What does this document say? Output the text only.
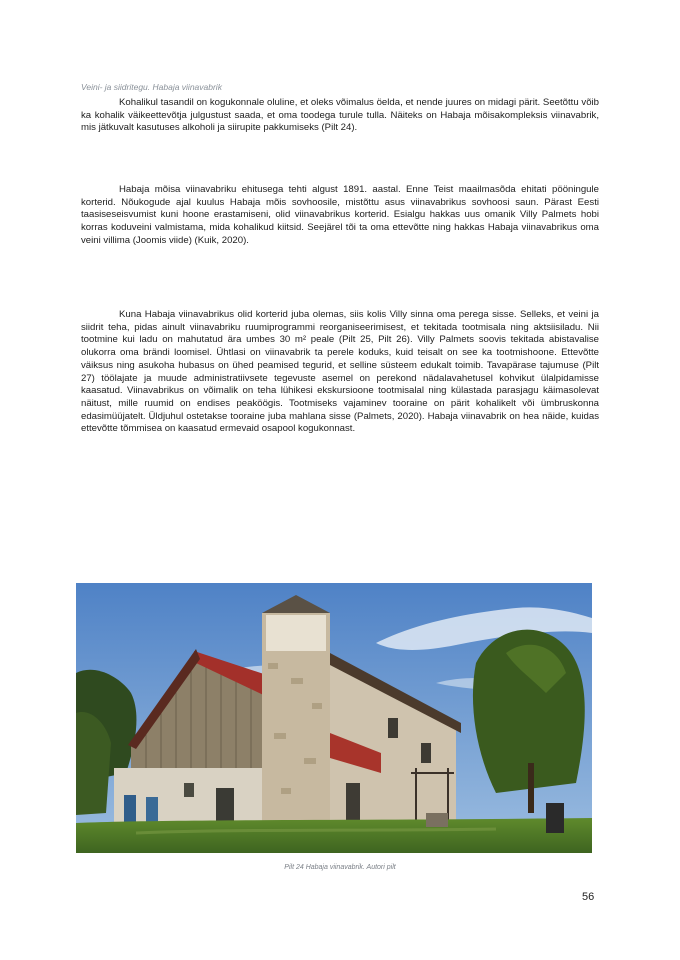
Veini- ja siidritegu. Habaja viinavabrik

Kohalikul tasandil on kogukonnale oluline, et oleks võimalus öelda, et nende juures on midagi pärit. Seetõttu võib ka kohalik väikeettevõtja julgustust saada, et oma toodega turule tulla. Näiteks on Habaja mõisakompleksis viinavabrik, mis jätkuvalt kasutuses alkoholi ja siirupite pakkumiseks (Pilt 24).

Habaja mõisa viinavabriku ehitusega tehti algust 1891. aastal. Enne Teist maailmasõda ehitati pööningule korterid. Nõukogude ajal kuulus Habaja mõis sovhoosile, mistõttu asus viinavabrikus sovhoosi saun. Pärast Eesti taasiseseisvumist kuni hoone erastamiseni, olid viinavabrikus korterid. Esialgu hakkas uus omanik Villy Palmets hobi korras koduveini valmistama, mida kohalikud kiitsid. Seejärel tõi ta oma ettevõtte ning hakkas Habaja viinavabrikus oma veini villima (Joomis viide) (Kuik, 2020).

Kuna Habaja viinavabrikus olid korterid juba olemas, siis kolis Villy sinna oma perega sisse. Selleks, et veini ja siidrit teha, pidas ainult viinavabriku ruumiprogrammi reorganiseerimisest, et tekitada tootmisala ning aktsiisiladu. Nii tootmine kui ladu on mahutatud ära umbes 30 m² peale (Pilt 25, Pilt 26). Villy Palmets soovis tekitada abistavalise olukorra oma brändi loomisel. Ühtlasi on viinavabrik ta perele koduks, kuid teisalt on see ka tootmishoone. Ettevõtte väiksus ning asukoha hubasus on ühed peamised tegurid, et selline süsteem edukalt toimib. Tavapärase tajumuse (Pilt 27) töölajate ja muude administratiivsete tegevuste asemel on perekond nädalavahetusel kohvikut ülalpidamisse kaasatud. Viinavabrikus on võimalik on teha lühikesi ekskursioone tootmisalal ning külastada parasjagu käimasolevat näitust, mille ruumid on endises peaköögis. Tootmiseks vajaminev tooraine on pärit kohalikelt või ümbruskonna edasimüüjatelt. Üldjuhul ostetakse tooraine juba mahlana sisse (Palmets, 2020). Habaja viinavabrik on hea näide, kuidas ettevõtte tõmmisea on kaasatud ermevaid osapool kogukonnast.

Pilt 24 Habaja viinavabrik. Autori pilt
56
